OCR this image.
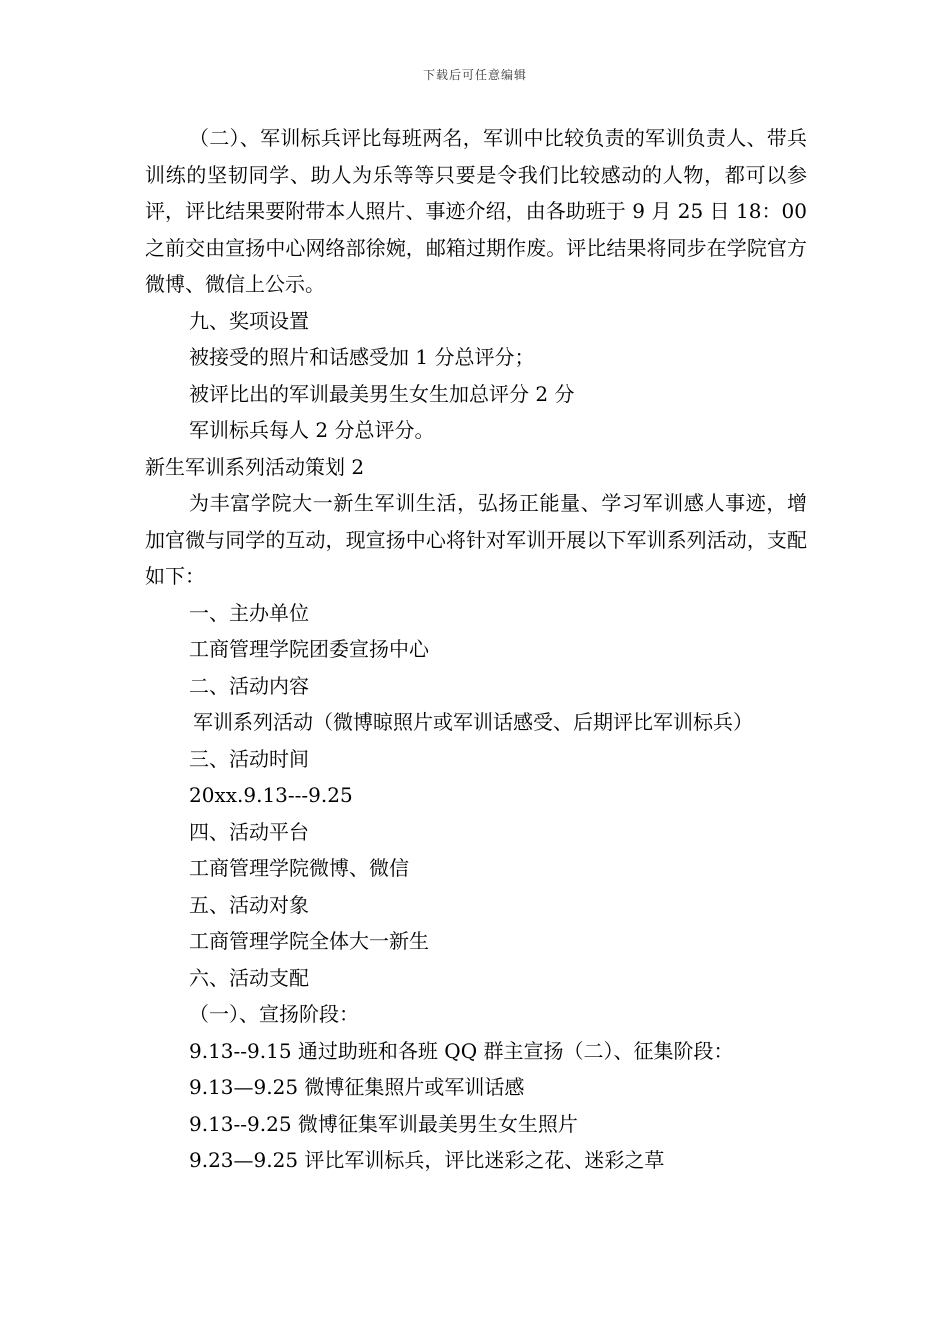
下载后可任意编辑

（二）、军训标兵评比每班两名，军训中比较负责的军训负责人、带兵训练的坚韧同学、助人为乐等等只要是令我们比较感动的人物，都可以参评，评比结果要附带本人照片、事迹介绍，由各助班于 9 月 25 日 18：00 之前交由宣扬中心网络部徐婉，邮箱过期作废。评比结果将同步在学院官方微博、微信上公示。

九、奖项设置

被接受的照片和话感受加 1 分总评分；

被评比出的军训最美男生女生加总评分 2 分

军训标兵每人 2 分总评分。

新生军训系列活动策划 2

为丰富学院大一新生军训生活，弘扬正能量、学习军训感人事迹，增加官微与同学的互动，现宣扬中心将针对军训开展以下军训系列活动，支配如下：

一、主办单位

工商管理学院团委宣扬中心

二、活动内容

军训系列活动（微博晾照片或军训话感受、后期评比军训标兵）

三、活动时间

20xx.9.13---9.25

四、活动平台

工商管理学院微博、微信

五、活动对象

工商管理学院全体大一新生

六、活动支配

（一）、宣扬阶段：

9.13--9.15 通过助班和各班 QQ 群主宣扬（二）、征集阶段：

9.13—9.25 微博征集照片或军训话感

9.13--9.25 微博征集军训最美男生女生照片

9.23—9.25 评比军训标兵，评比迷彩之花、迷彩之草
